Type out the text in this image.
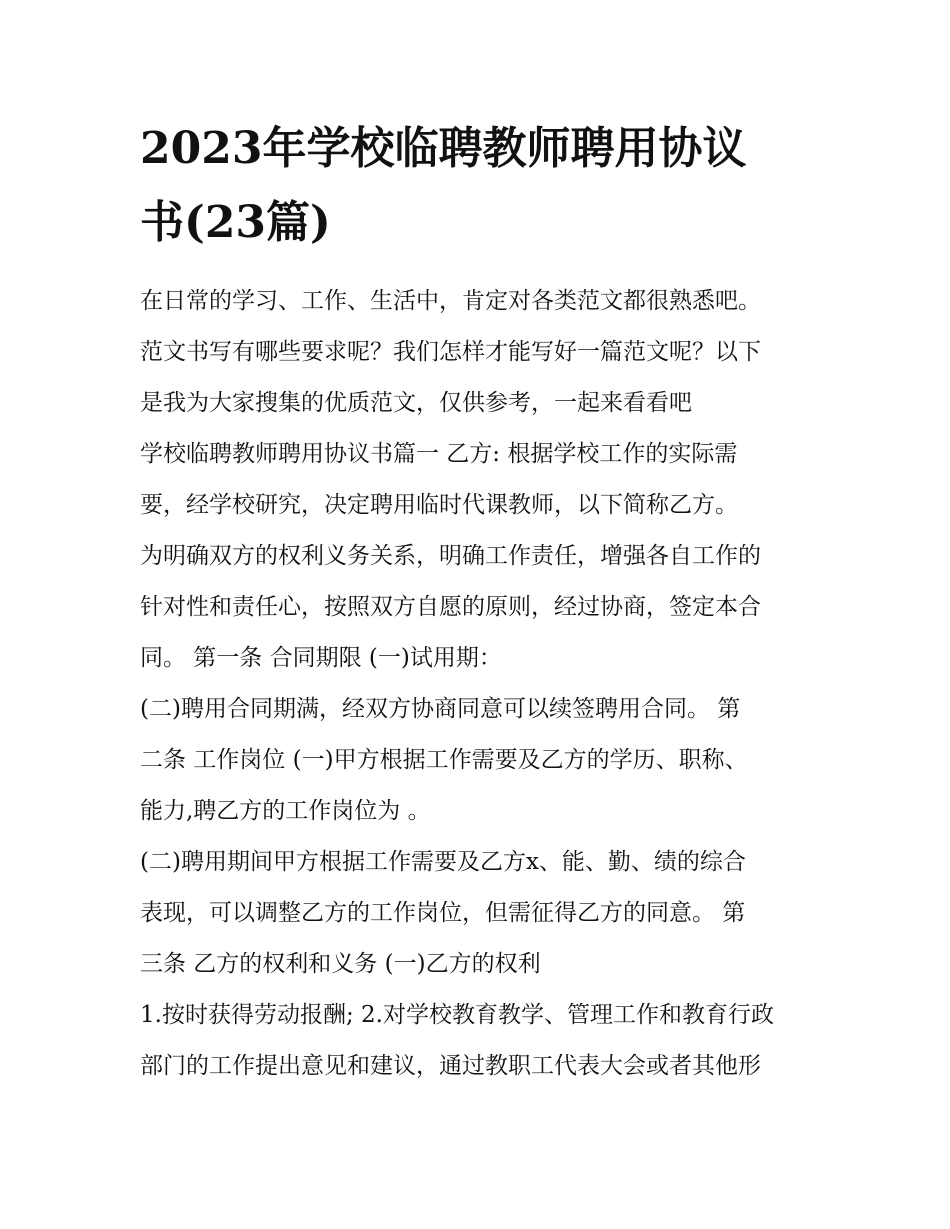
2023年学校临聘教师聘用协议
书(23篇)
在日常的学习、工作、生活中，肯定对各类范文都很熟悉吧。
范文书写有哪些要求呢？我们怎样才能写好一篇范文呢？以下
是我为大家搜集的优质范文，仅供参考，一起来看看吧
学校临聘教师聘用协议书篇一 乙方: 根据学校工作的实际需
要，经学校研究，决定聘用临时代课教师，以下简称乙方。
为明确双方的权利义务关系，明确工作责任，增强各自工作的
针对性和责任心，按照双方自愿的原则，经过协商，签定本合
同。 第一条 合同期限 (一)试用期：
(二)聘用合同期满，经双方协商同意可以续签聘用合同。 第
二条 工作岗位 (一)甲方根据工作需要及乙方的学历、职称、
能力,聘乙方的工作岗位为 。
(二)聘用期间甲方根据工作需要及乙方x、能、勤、绩的综合
表现，可以调整乙方的工作岗位，但需征得乙方的同意。 第
三条 乙方的权利和义务 (一)乙方的权利
1.按时获得劳动报酬; 2.对学校教育教学、管理工作和教育行政
部门的工作提出意见和建议，通过教职工代表大会或者其他形
